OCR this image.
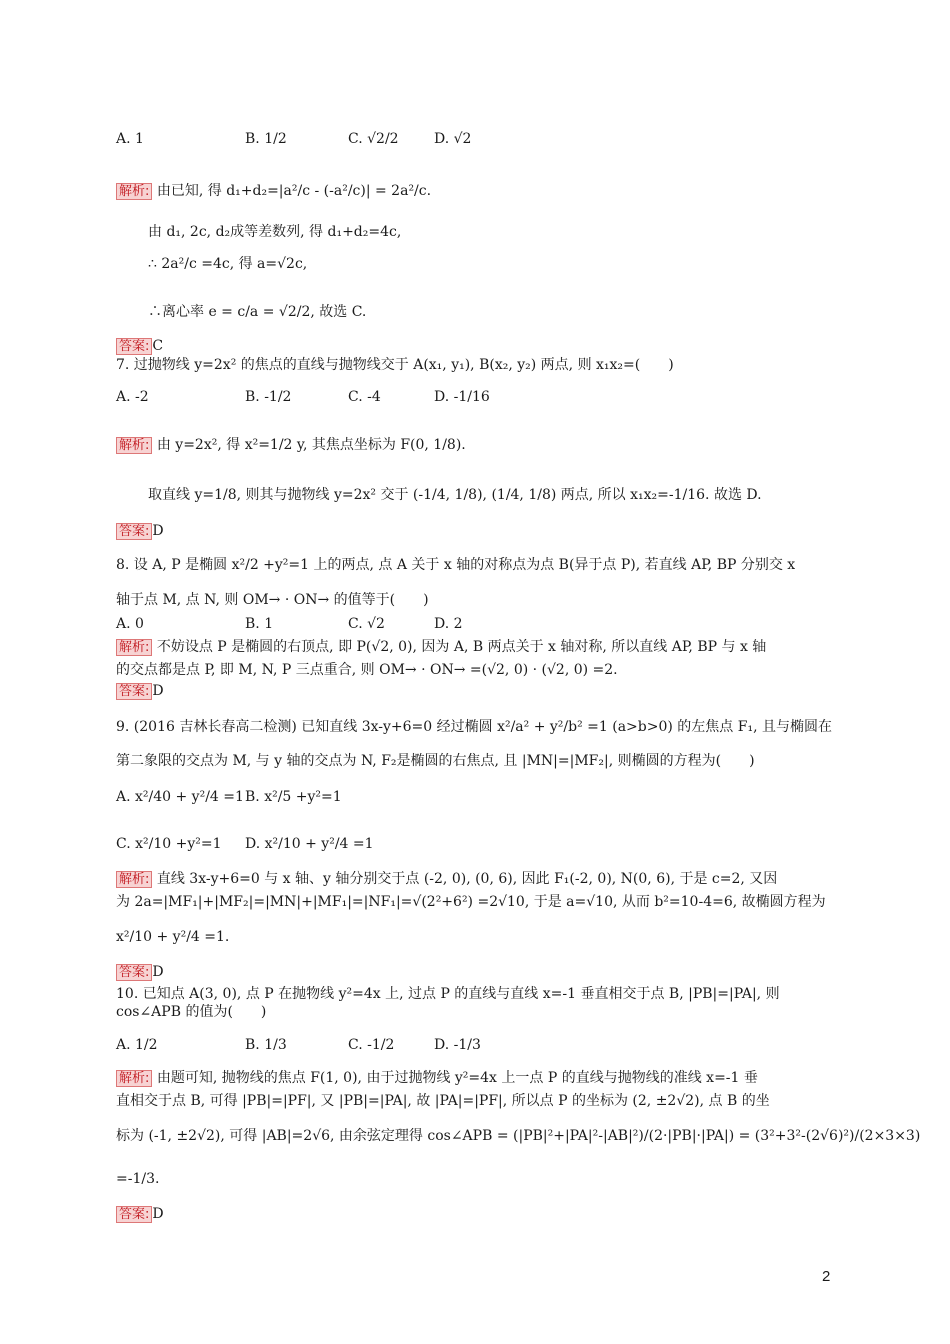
A. 1	B. 1/2	C. √2/2	D. √2
解析: 由已知, 得 d₁+d₂=|a²/c - (-a²/c)| = 2a²/c.
由 d₁, 2c, d₂成等差数列, 得 d₁+d₂=4c,
∴ 2a²/c =4c, 得 a=√2c,
∴离心率 e = c/a = √2/2, 故选 C.
答案: C
7. 过抛物线 y=2x² 的焦点的直线与抛物线交于 A(x₁, y₁), B(x₂, y₂) 两点, 则 x₁x₂=(　　)
A. -2	B. -1/2	C. -4	D. -1/16
解析: 由 y=2x², 得 x²=1/2 y, 其焦点坐标为 F(0, 1/8).
取直线 y=1/8, 则其与抛物线 y=2x² 交于 (-1/4, 1/8), (1/4, 1/8) 两点, 所以 x₁x₂=-1/16. 故选 D.
答案: D
8. 设 A, P 是椭圆 x²/2 +y²=1 上的两点, 点 A 关于 x 轴的对称点为点 B(异于点 P), 若直线 AP, BP 分别交 x
轴于点 M, 点 N, 则 OM→ · ON→ 的值等于(　　)
A. 0	B. 1	C. √2	D. 2
解析: 不妨设点 P 是椭圆的右顶点, 即 P(√2, 0), 因为 A, B 两点关于 x 轴对称, 所以直线 AP, BP 与 x 轴
的交点都是点 P, 即 M, N, P 三点重合, 则 OM→ · ON→ =(√2, 0) · (√2, 0) =2.
答案: D
9. (2016 吉林长春高二检测) 已知直线 3x-y+6=0 经过椭圆 x²/a² + y²/b² =1 (a>b>0) 的左焦点 F₁, 且与椭圆在
第二象限的交点为 M, 与 y 轴的交点为 N, F₂是椭圆的右焦点, 且 |MN|=|MF₂|, 则椭圆的方程为(　　)
A. x²/40 + y²/4 =1 B. x²/5 +y²=1
C. x²/10 +y²=1 D. x²/10 + y²/4 =1
解析: 直线 3x-y+6=0 与 x 轴、y 轴分别交于点 (-2, 0), (0, 6), 因此 F₁(-2, 0), N(0, 6), 于是 c=2, 又因
为 2a=|MF₁|+|MF₂|=|MN|+|MF₁|=|NF₁|=√(2²+6²) =2√10, 于是 a=√10, 从而 b²=10-4=6, 故椭圆方程为
x²/10 + y²/4 =1.
答案: D
10. 已知点 A(3, 0), 点 P 在抛物线 y²=4x 上, 过点 P 的直线与直线 x=-1 垂直相交于点 B, |PB|=|PA|, 则
cos∠APB 的值为(　　)
A. 1/2	B. 1/3	C. -1/2	D. -1/3
解析: 由题可知, 抛物线的焦点 F(1, 0), 由于过抛物线 y²=4x 上一点 P 的直线与抛物线的准线 x=-1 垂
直相交于点 B, 可得 |PB|=|PF|, 又 |PB|=|PA|, 故 |PA|=|PF|, 所以点 P 的坐标为 (2, ±2√2), 点 B 的坐
标为 (-1, ±2√2), 可得 |AB|=2√6, 由余弦定理得 cos∠APB = (|PB|²+|PA|²-|AB|²)/(2·|PB|·|PA|) = (3²+3²-(2√6)²)/(2×3×3)
=-1/3.
答案: D
2
